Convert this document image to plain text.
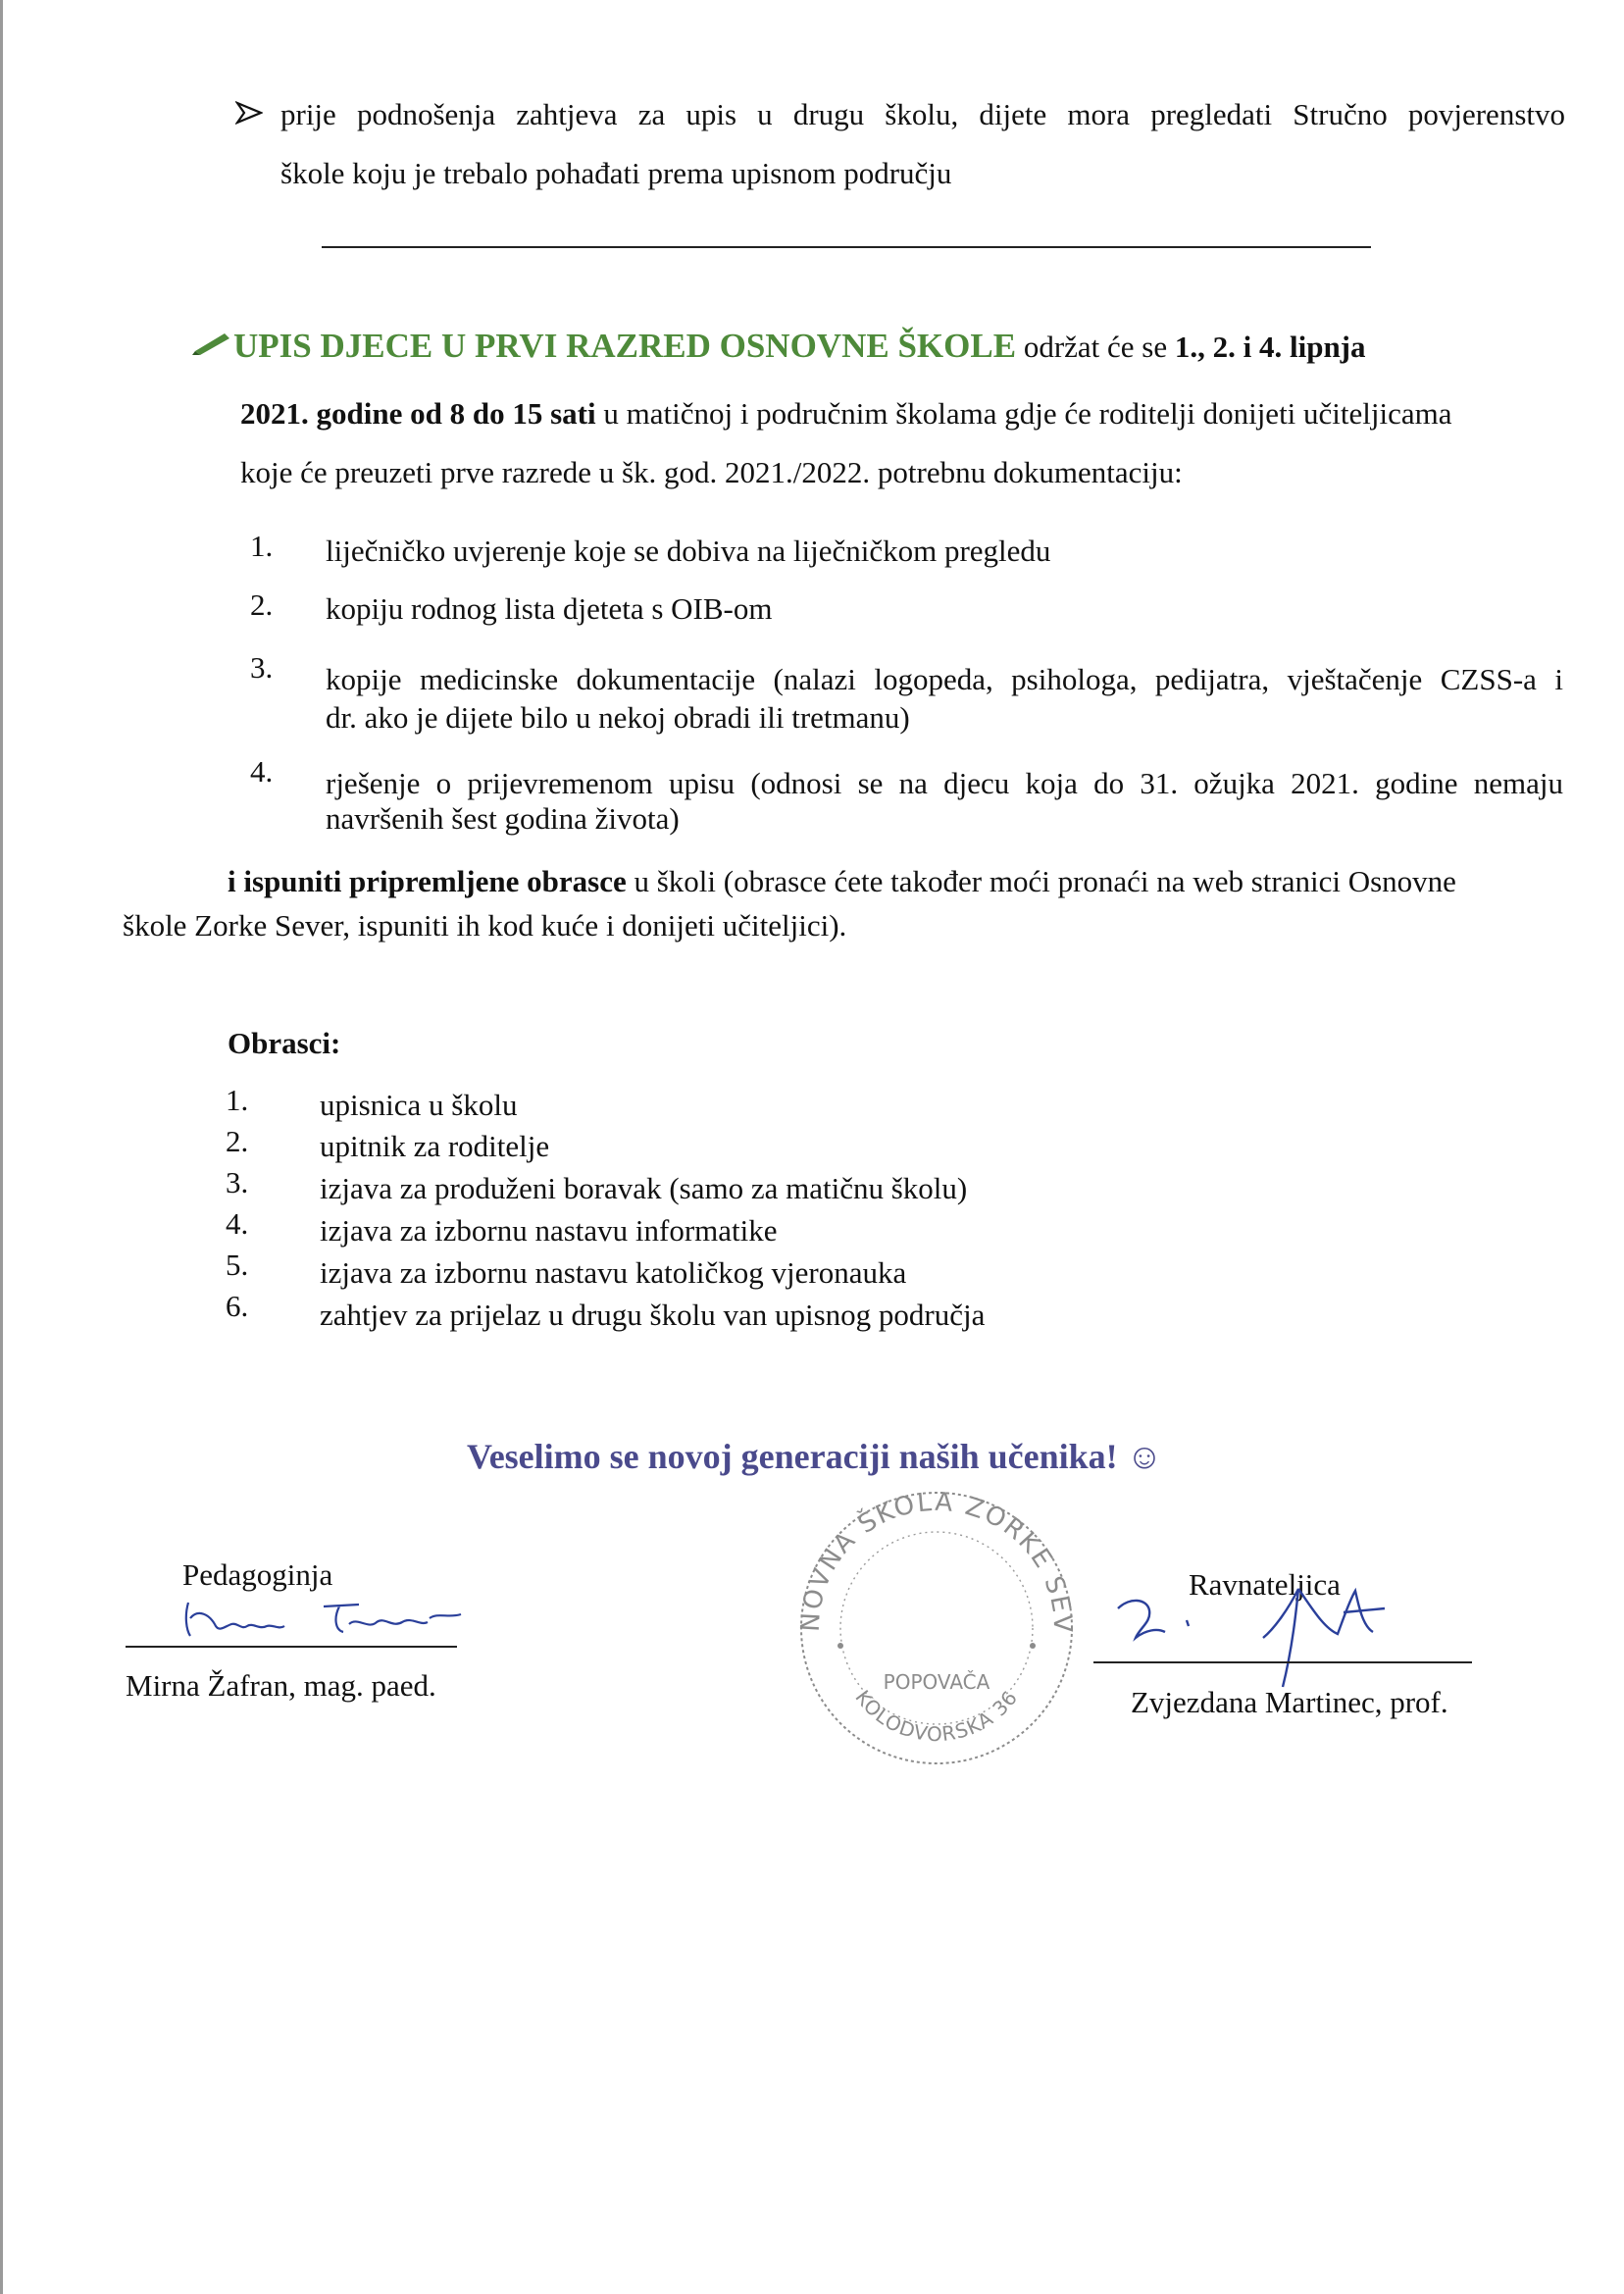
prije podnošenja zahtjeva za upis u drugu školu, dijete mora pregledati Stručno povjerenstvo
škole koju je trebalo pohađati prema upisnom području
UPIS DJECE U PRVI RAZRED OSNOVNE ŠKOLE održat će se 1., 2. i 4. lipnja
2021. godine od 8 do 15 sati u matičnoj i područnim školama gdje će roditelji donijeti učiteljicama
koje će preuzeti prve razrede u šk. god. 2021./2022. potrebnu dokumentaciju:
1.	liječničko uvjerenje koje se dobiva na liječničkom pregledu
2.	kopiju rodnog lista djeteta s OIB-om
3.	kopije medicinske dokumentacije (nalazi logopeda, psihologa, pedijatra, vještačenje CZSS-a i
dr. ako je dijete bilo u nekoj obradi ili tretmanu)
4.	rješenje o prijevremenom upisu (odnosi se na djecu koja do 31. ožujka 2021. godine nemaju
navršenih šest godina života)
i ispuniti pripremljene obrasce u školi (obrasce ćete također moći pronaći na web stranici Osnovne
škole Zorke Sever, ispuniti ih kod kuće i donijeti učiteljici).
Obrasci:
1.	upisnica u školu
2.	upitnik za roditelje
3.	izjava za produženi boravak (samo za matičnu školu)
4.	izjava za izbornu nastavu informatike
5.	izjava za izbornu nastavu katoličkog vjeronauka
6.	zahtjev za prijelaz u drugu školu van upisnog područja
Veselimo se novoj generaciji naših učenika! ☺
NOVNA ŠKOLA ZORKE SEV
POPOVAČA
KOLODVORSKA 36
Pedagoginja
Mirna Žafran, mag. paed.
Ravnateljica
Zvjezdana Martinec, prof.
